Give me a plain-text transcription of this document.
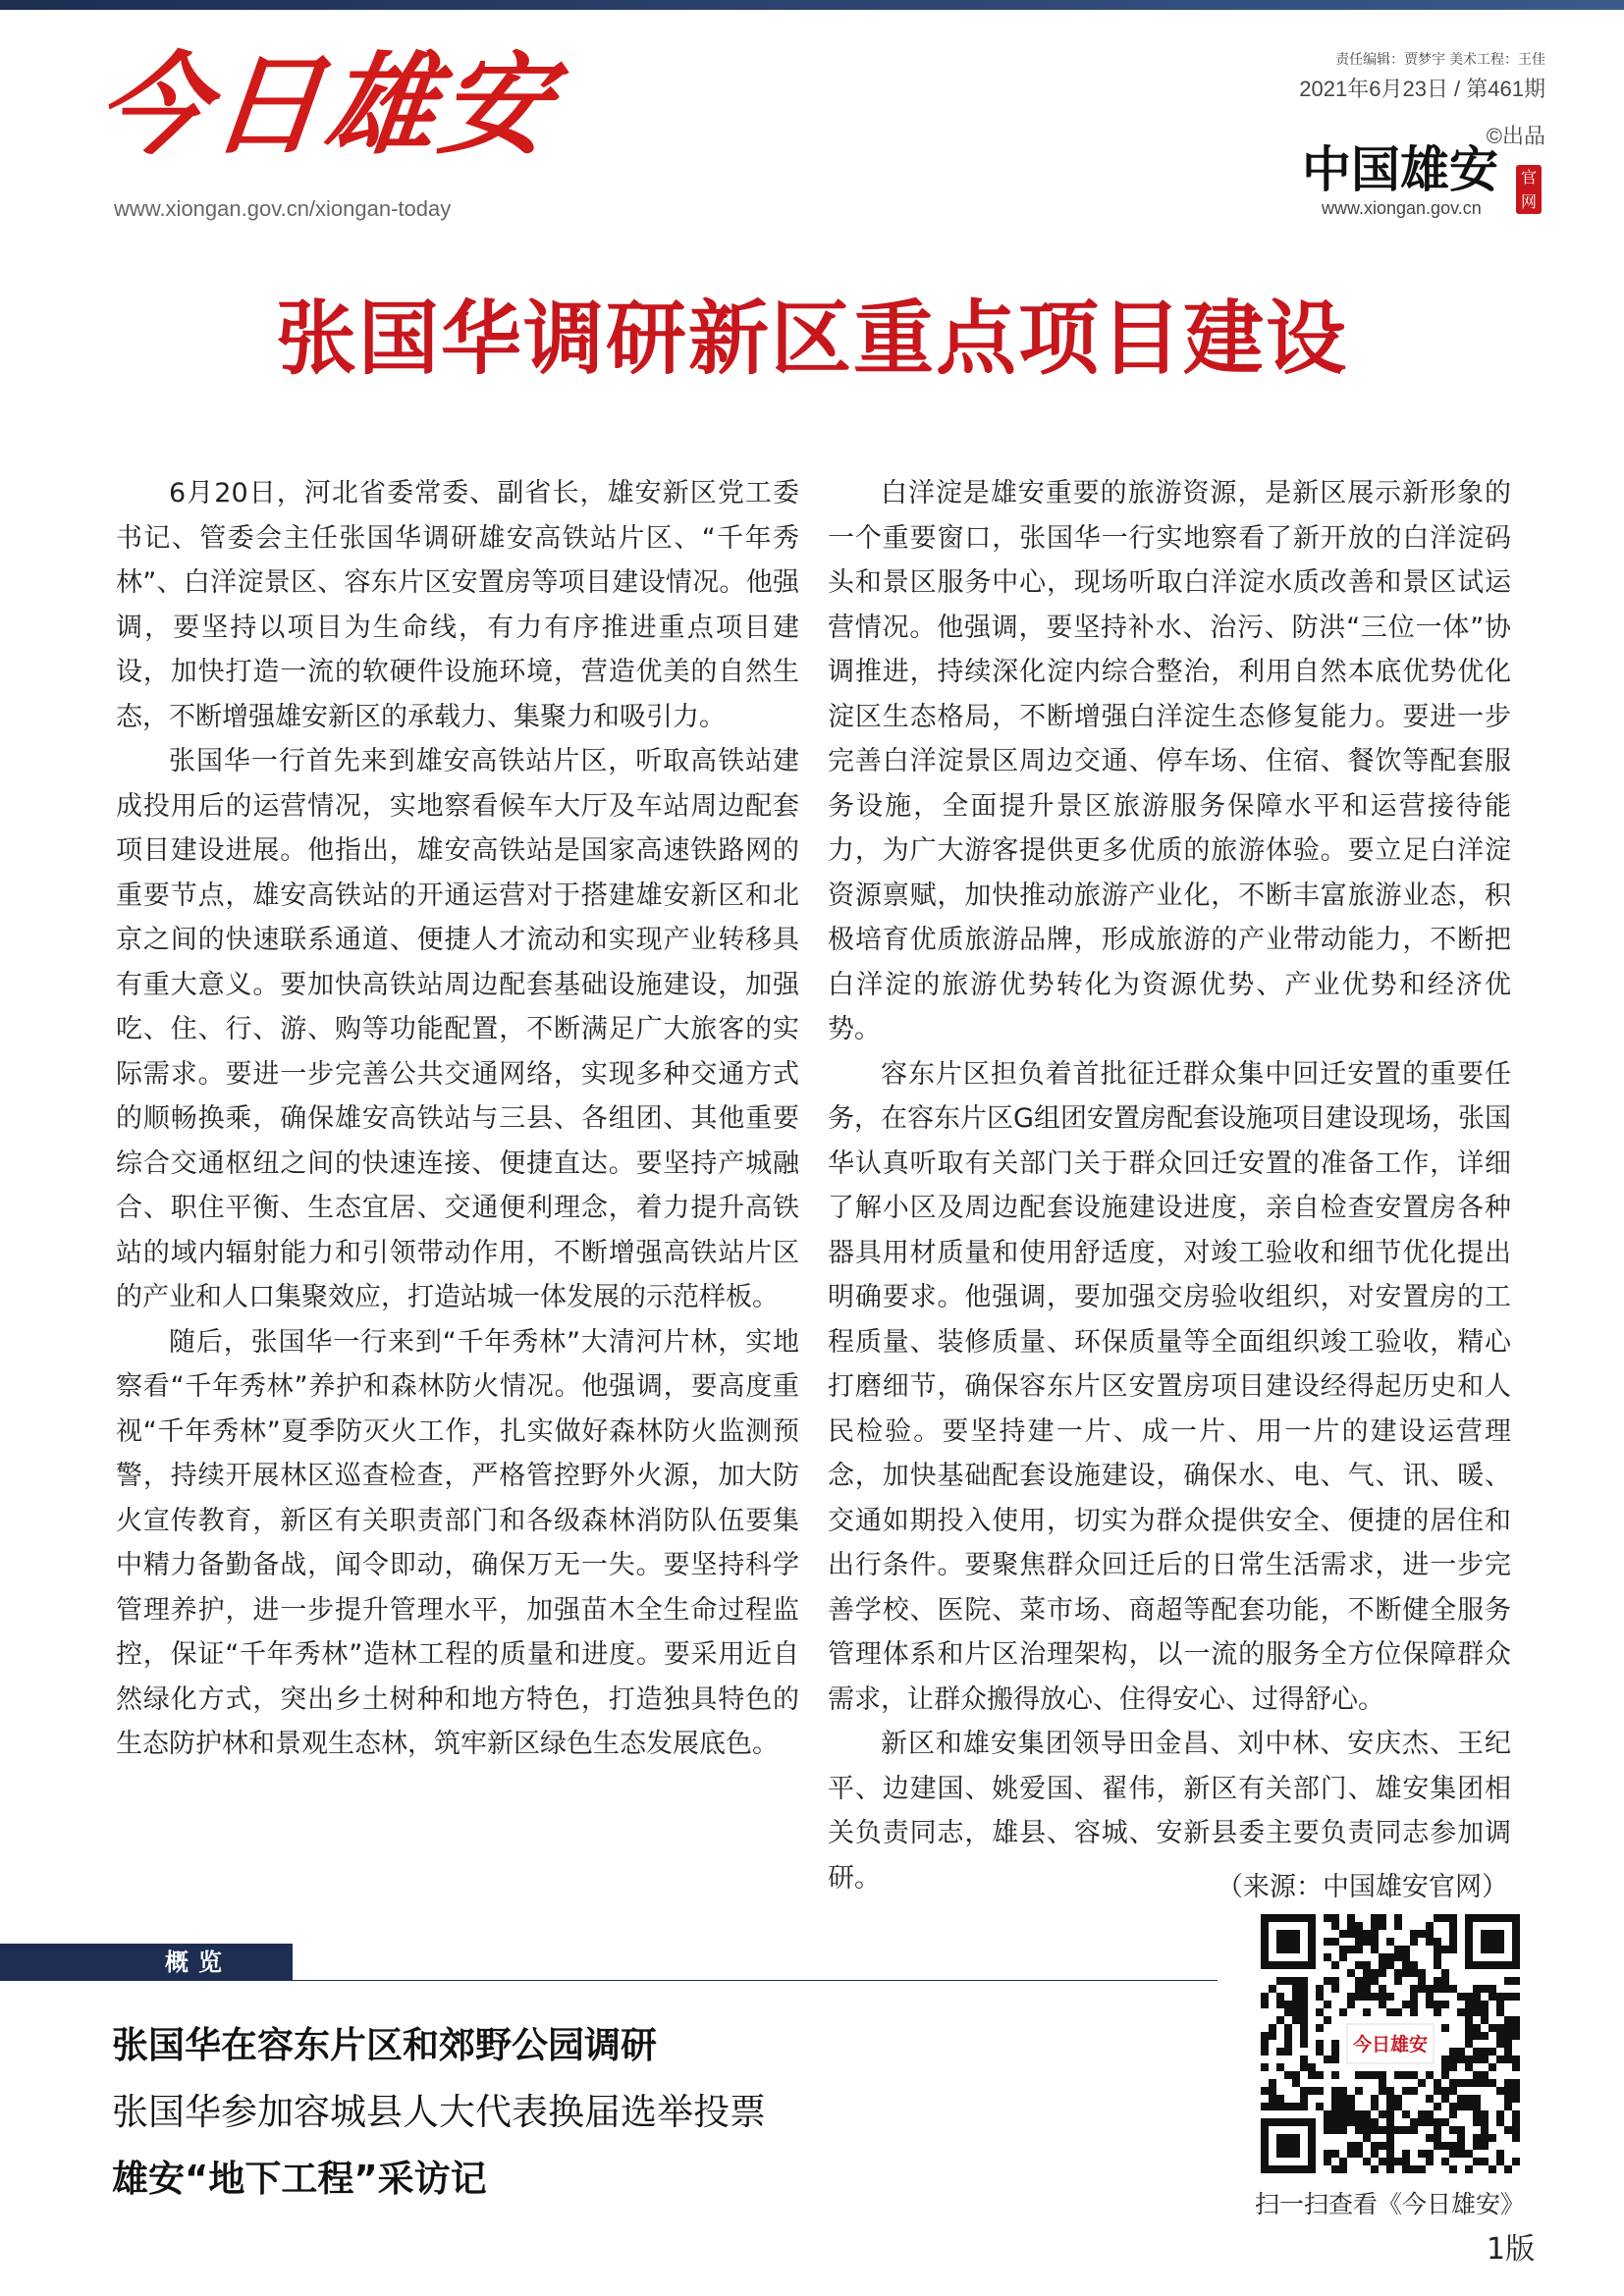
今日雄安
www.xiongan.gov.cn/xiongan-today
责任编辑：贾梦宇 美术工程：王佳
2021年6月23日 / 第461期
©出品
中国雄安	官网
www.xiongan.gov.cn
张国华调研新区重点项目建设

6月20日，河北省委常委、副省长，雄安新区党工委书记、管委会主任张国华调研雄安高铁站片区、“千年秀林”、白洋淀景区、容东片区安置房等项目建设情况。他强调，要坚持以项目为生命线，有力有序推进重点项目建设，加快打造一流的软硬件设施环境，营造优美的自然生态，不断增强雄安新区的承载力、集聚力和吸引力。

张国华一行首先来到雄安高铁站片区，听取高铁站建成投用后的运营情况，实地察看候车大厅及车站周边配套项目建设进展。他指出，雄安高铁站是国家高速铁路网的重要节点，雄安高铁站的开通运营对于搭建雄安新区和北京之间的快速联系通道、便捷人才流动和实现产业转移具有重大意义。要加快高铁站周边配套基础设施建设，加强吃、住、行、游、购等功能配置，不断满足广大旅客的实际需求。要进一步完善公共交通网络，实现多种交通方式的顺畅换乘，确保雄安高铁站与三县、各组团、其他重要综合交通枢纽之间的快速连接、便捷直达。要坚持产城融合、职住平衡、生态宜居、交通便利理念，着力提升高铁站的域内辐射能力和引领带动作用，不断增强高铁站片区的产业和人口集聚效应，打造站城一体发展的示范样板。

随后，张国华一行来到“千年秀林”大清河片林，实地察看“千年秀林”养护和森林防火情况。他强调，要高度重视“千年秀林”夏季防灭火工作，扎实做好森林防火监测预警，持续开展林区巡查检查，严格管控野外火源，加大防火宣传教育，新区有关职责部门和各级森林消防队伍要集中精力备勤备战，闻令即动，确保万无一失。要坚持科学管理养护，进一步提升管理水平，加强苗木全生命过程监控，保证“千年秀林”造林工程的质量和进度。要采用近自然绿化方式，突出乡土树种和地方特色，打造独具特色的生态防护林和景观生态林，筑牢新区绿色生态发展底色。

白洋淀是雄安重要的旅游资源，是新区展示新形象的一个重要窗口，张国华一行实地察看了新开放的白洋淀码头和景区服务中心，现场听取白洋淀水质改善和景区试运营情况。他强调，要坚持补水、治污、防洪“三位一体”协调推进，持续深化淀内综合整治，利用自然本底优势优化淀区生态格局，不断增强白洋淀生态修复能力。要进一步完善白洋淀景区周边交通、停车场、住宿、餐饮等配套服务设施，全面提升景区旅游服务保障水平和运营接待能力，为广大游客提供更多优质的旅游体验。要立足白洋淀资源禀赋，加快推动旅游产业化，不断丰富旅游业态，积极培育优质旅游品牌，形成旅游的产业带动能力，不断把白洋淀的旅游优势转化为资源优势、产业优势和经济优势。

容东片区担负着首批征迁群众集中回迁安置的重要任务，在容东片区G组团安置房配套设施项目建设现场，张国华认真听取有关部门关于群众回迁安置的准备工作，详细了解小区及周边配套设施建设进度，亲自检查安置房各种器具用材质量和使用舒适度，对竣工验收和细节优化提出明确要求。他强调，要加强交房验收组织，对安置房的工程质量、装修质量、环保质量等全面组织竣工验收，精心打磨细节，确保容东片区安置房项目建设经得起历史和人民检验。要坚持建一片、成一片、用一片的建设运营理念，加快基础配套设施建设，确保水、电、气、讯、暖、交通如期投入使用，切实为群众提供安全、便捷的居住和出行条件。要聚焦群众回迁后的日常生活需求，进一步完善学校、医院、菜市场、商超等配套功能，不断健全服务管理体系和片区治理架构，以一流的服务全方位保障群众需求，让群众搬得放心、住得安心、过得舒心。

新区和雄安集团领导田金昌、刘中林、安庆杰、王纪平、边建国、姚爱国、翟伟，新区有关部门、雄安集团相关负责同志，雄县、容城、安新县委主要负责同志参加调研。	（来源：中国雄安官网）
概览
张国华在容东片区和郊野公园调研
张国华参加容城县人大代表换届选举投票
雄安“地下工程”采访记
今日雄安
扫一扫查看《今日雄安》
1版
